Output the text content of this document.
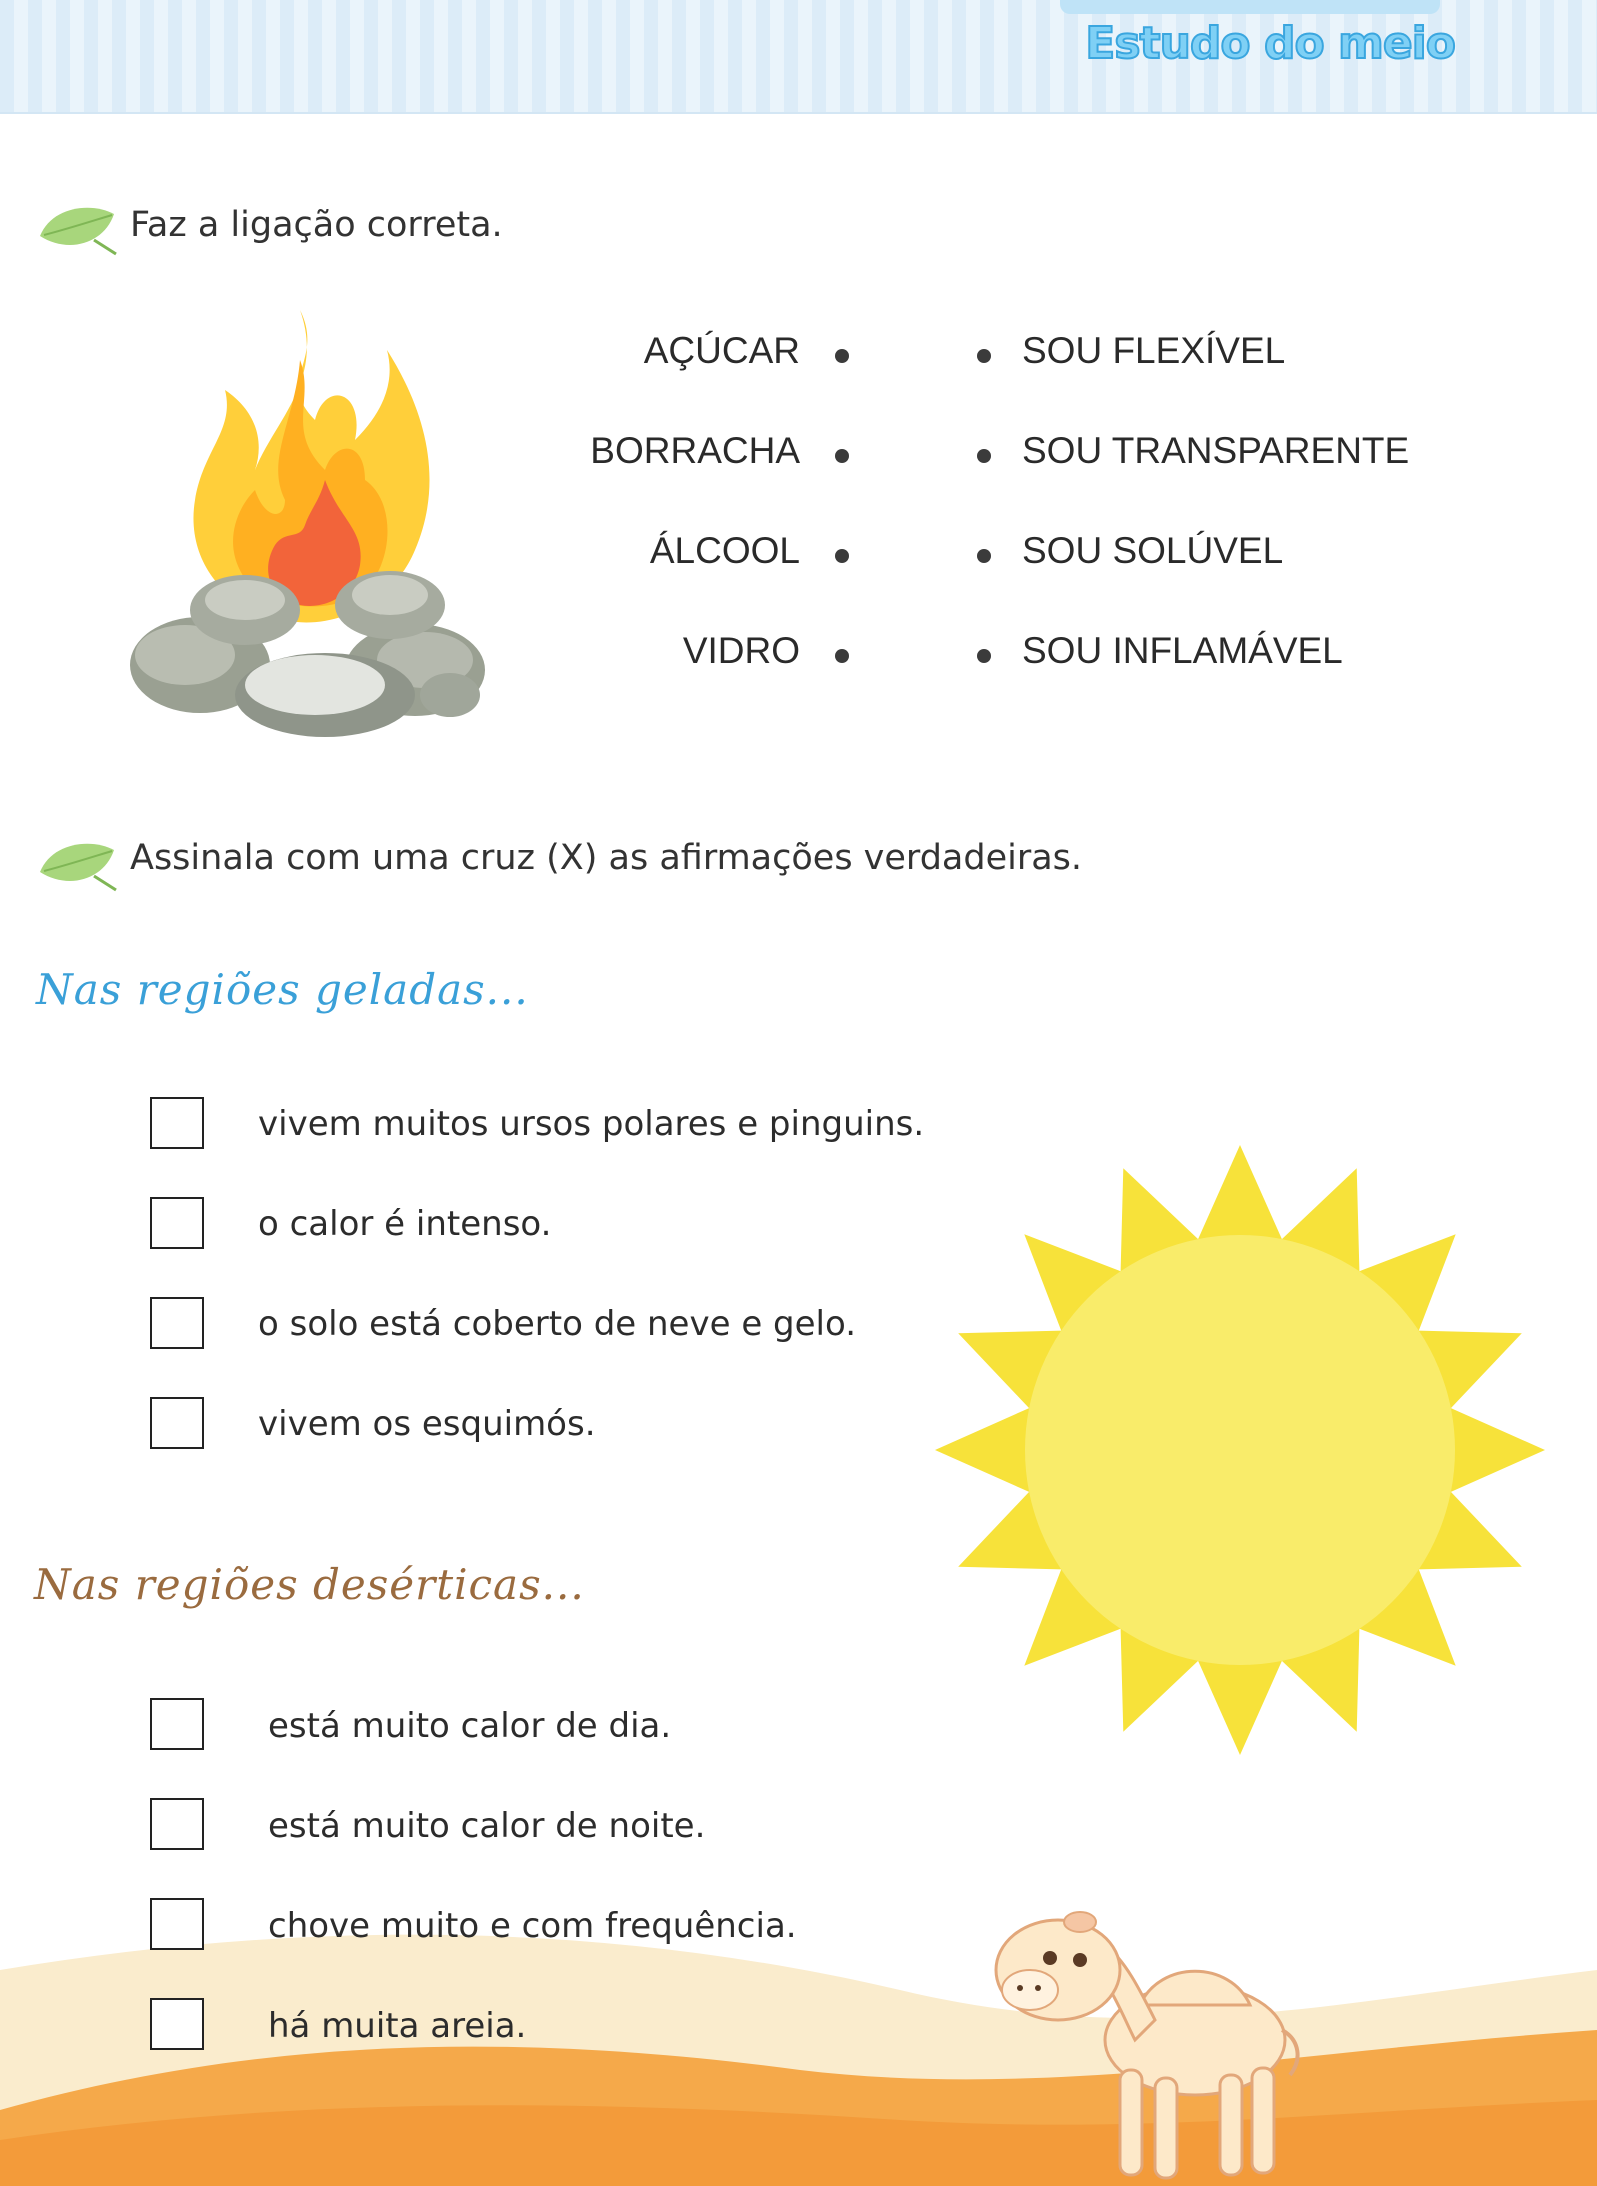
Estudo do meio
Faz a ligação correta.
AÇÚCAR
BORRACHA
ÁLCOOL
VIDRO
SOU FLEXÍVEL
SOU TRANSPARENTE
SOU SOLÚVEL
SOU INFLAMÁVEL
Assinala com uma cruz (X) as afirmações verdadeiras.
Nas regiões geladas...
vivem muitos ursos polares e pinguins.
o calor é intenso.
o solo está coberto de neve e gelo.
vivem os esquimós.
Nas regiões desérticas...
está muito calor de dia.
está muito calor de noite.
chove muito e com frequência.
há muita areia.
